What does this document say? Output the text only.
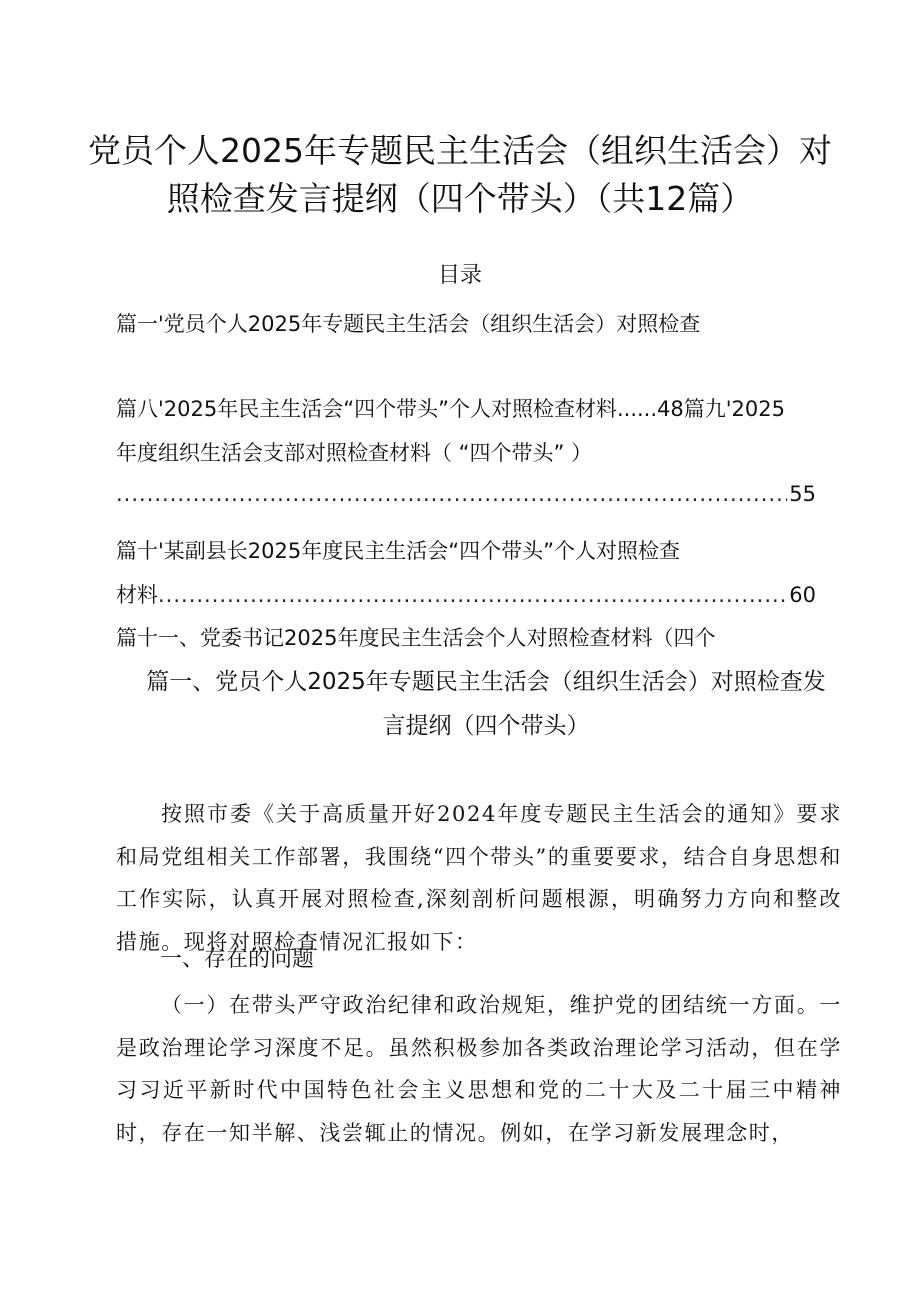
党员个人2025年专题民主生活会（组织生活会）对
照检查发言提纲（四个带头）（共12篇）
目录
篇一'党员个人2025年专题民主生活会（组织生活会）对照检查
篇八'2025年民主生活会“四个带头”个人对照检查材料......48篇九'2025
年度组织生活会支部对照检查材料（ “四个带头” ）
.....
55
篇十'某副县长2025年度民主生活会“四个带头”个人对照检查
材料
.....	60
篇十一、党委书记2025年度民主生活会个人对照检查材料（四个
篇一、党员个人2025年专题民主生活会（组织生活会）对照检查发
言提纲（四个带头）
按照市委《关于高质量开好2024年度专题民主生活会的通知》要求和局党组相关工作部署，我围绕“四个带头”的重要要求，结合自身思想和工作实际，认真开展对照检查,深刻剖析问题根源，明确努力方向和整改措施。现将对照检查情况汇报如下：
一、存在的问题
（一）在带头严守政治纪律和政治规矩，维护党的团结统一方面。一是政治理论学习深度不足。虽然积极参加各类政治理论学习活动，但在学习习近平新时代中国特色社会主义思想和党的二十大及二十届三中精神时，存在一知半解、浅尝辄止的情况。例如，在学习新发展理念时，
